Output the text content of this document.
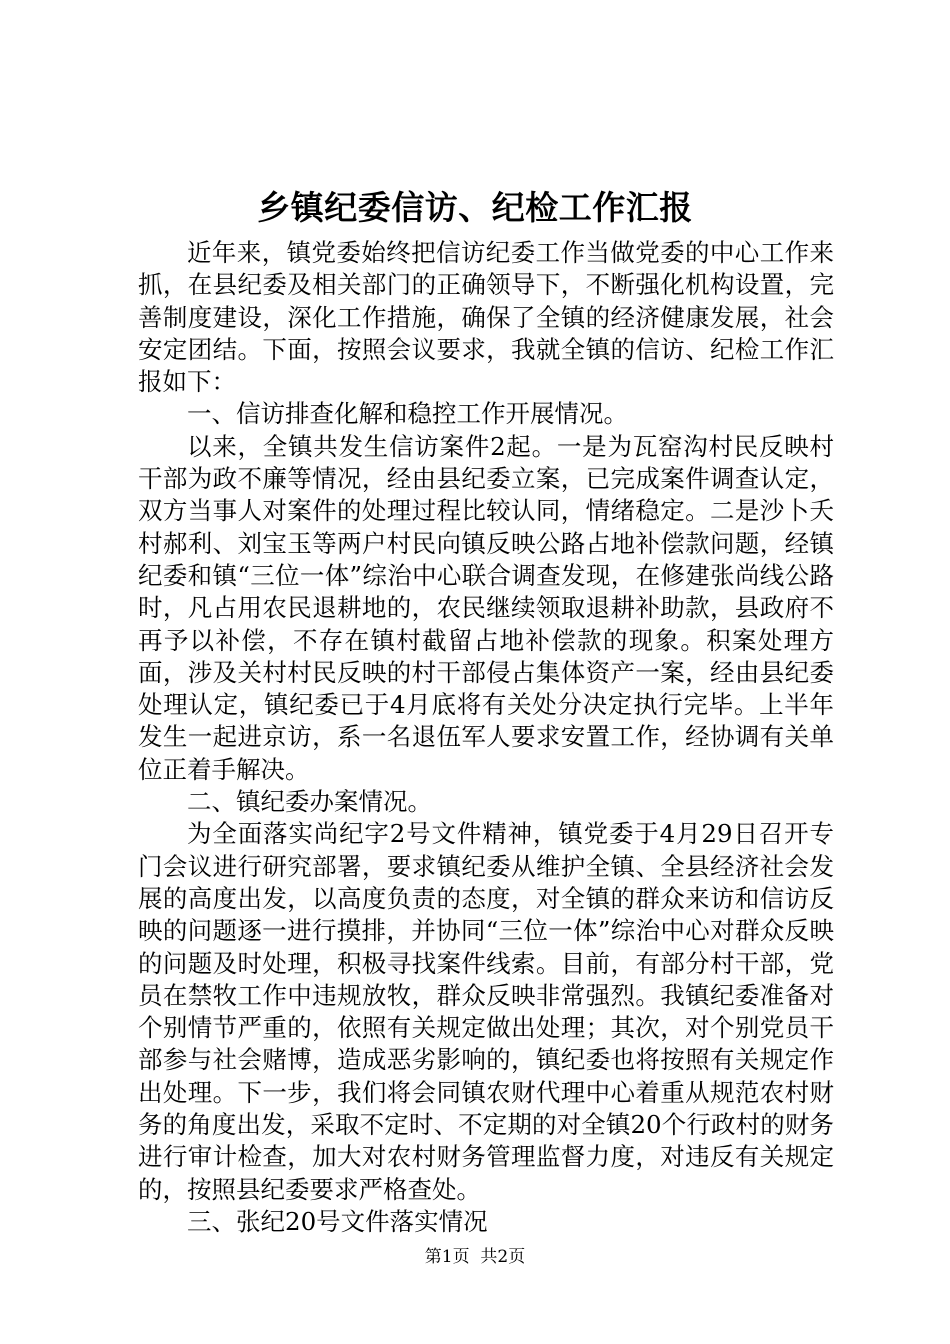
乡镇纪委信访、纪检工作汇报

近年来，镇党委始终把信访纪委工作当做党委的中心工作来抓，在县纪委及相关部门的正确领导下，不断强化机构设置，完善制度建设，深化工作措施，确保了全镇的经济健康发展，社会安定团结。下面，按照会议要求，我就全镇的信访、纪检工作汇报如下：

一、信访排查化解和稳控工作开展情况。

以来，全镇共发生信访案件2起。一是为瓦窑沟村民反映村干部为政不廉等情况，经由县纪委立案，已完成案件调查认定，双方当事人对案件的处理过程比较认同，情绪稳定。二是沙卜夭村郝利、刘宝玉等两户村民向镇反映公路占地补偿款问题，经镇纪委和镇“三位一体”综治中心联合调查发现，在修建张尚线公路时，凡占用农民退耕地的，农民继续领取退耕补助款，县政府不再予以补偿，不存在镇村截留占地补偿款的现象。积案处理方面，涉及关村村民反映的村干部侵占集体资产一案，经由县纪委处理认定，镇纪委已于4月底将有关处分决定执行完毕。上半年发生一起进京访，系一名退伍军人要求安置工作，经协调有关单位正着手解决。

二、镇纪委办案情况。

为全面落实尚纪字2号文件精神，镇党委于4月29日召开专门会议进行研究部署，要求镇纪委从维护全镇、全县经济社会发展的高度出发，以高度负责的态度，对全镇的群众来访和信访反映的问题逐一进行摸排，并协同“三位一体”综治中心对群众反映的问题及时处理，积极寻找案件线索。目前，有部分村干部，党员在禁牧工作中违规放牧，群众反映非常强烈。我镇纪委准备对个别情节严重的，依照有关规定做出处理；其次，对个别党员干部参与社会赌博，造成恶劣影响的，镇纪委也将按照有关规定作出处理。下一步，我们将会同镇农财代理中心着重从规范农村财务的角度出发，采取不定时、不定期的对全镇20个行政村的财务进行审计检查，加大对农村财务管理监督力度，对违反有关规定的，按照县纪委要求严格查处。

三、张纪20号文件落实情况

第1页 共2页
